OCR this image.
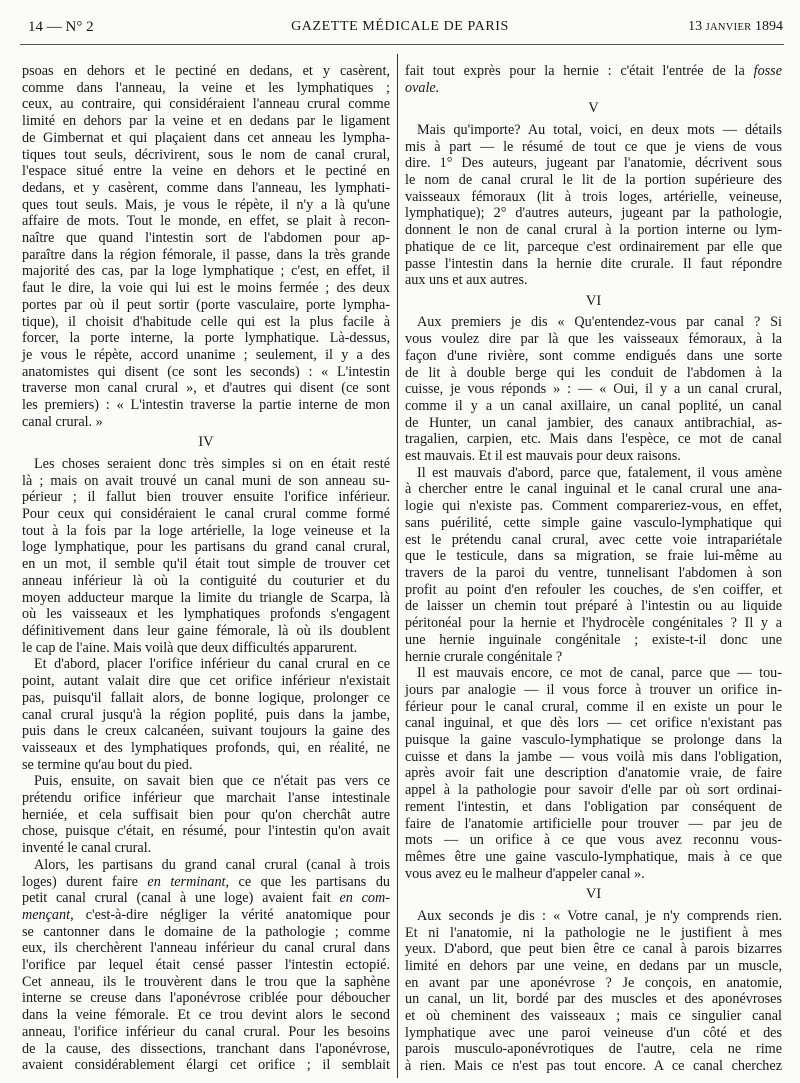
14 — N° 2	GAZETTE MÉDICALE DE PARIS	13 JANVIER 1894
psoas en dehors et le pectiné en dedans, et y casèrent,
comme dans l'anneau, la veine et les lymphatiques ;
ceux, au contraire, qui considéraient l'anneau crural comme
limité en dehors par la veine et en dedans par le ligament
de Gimbernat et qui plaçaient dans cet anneau les lympha-
tiques tout seuls, décrivirent, sous le nom de canal crural,
l'espace situé entre la veine en dehors et le pectiné en
dedans, et y casèrent, comme dans l'anneau, les lymphati-
ques tout seuls. Mais, je vous le répète, il n'y a là qu'une
affaire de mots. Tout le monde, en effet, se plait à recon-
naître que quand l'intestin sort de l'abdomen pour ap-
paraître dans la région fémorale, il passe, dans la très grande
majorité des cas, par la loge lymphatique ; c'est, en effet, il
faut le dire, la voie qui lui est le moins fermée ; des deux
portes par où il peut sortir (porte vasculaire, porte lympha-
tique), il choisit d'habitude celle qui est la plus facile à
forcer, la porte interne, la porte lymphatique. Là-dessus,
je vous le répète, accord unanime ; seulement, il y a des
anatomistes qui disent (ce sont les seconds) : « L'intestin
traverse mon canal crural », et d'autres qui disent (ce sont
les premiers) : « L'intestin traverse la partie interne de mon
canal crural. »
IV
Les choses seraient donc très simples si on en était resté
là ; mais on avait trouvé un canal muni de son anneau su-
périeur ; il fallut bien trouver ensuite l'orifice inférieur.
Pour ceux qui considéraient le canal crural comme formé
tout à la fois par la loge artérielle, la loge veineuse et la
loge lymphatique, pour les partisans du grand canal crural,
en un mot, il semble qu'il était tout simple de trouver cet
anneau inférieur là où la contiguité du couturier et du
moyen adducteur marque la limite du triangle de Scarpa, là
où les vaisseaux et les lymphatiques profonds s'engagent
définitivement dans leur gaine fémorale, là où ils doublent
le cap de l'aine. Mais voilà que deux difficultés apparurent.
Et d'abord, placer l'orifice inférieur du canal crural en ce
point, autant valait dire que cet orifice inférieur n'existait
pas, puisqu'il fallait alors, de bonne logique, prolonger ce
canal crural jusqu'à la région poplité, puis dans la jambe,
puis dans le creux calcanéen, suivant toujours la gaine des
vaisseaux et des lymphatiques profonds, qui, en réalité, ne
se termine qu'au bout du pied.
Puis, ensuite, on savait bien que ce n'était pas vers ce
prétendu orifice inférieur que marchait l'anse intestinale
herniée, et cela suffisait bien pour qu'on cherchât autre
chose, puisque c'était, en résumé, pour l'intestin qu'on avait
inventé le canal crural.
Alors, les partisans du grand canal crural (canal à trois
loges) durent faire en terminant, ce que les partisans du
petit canal crural (canal à une loge) avaient fait en com-
mençant, c'est-à-dire négliger la vérité anatomique pour
se cantonner dans le domaine de la pathologie ; comme
eux, ils cherchèrent l'anneau inférieur du canal crural dans
l'orifice par lequel était censé passer l'intestin ectopié.
Cet anneau, ils le trouvèrent dans le trou que la saphène
interne se creuse dans l'aponévrose criblée pour déboucher
dans la veine fémorale. Et ce trou devint alors le second
anneau, l'orifice inférieur du canal crural. Pour les besoins
de la cause, des dissections, tranchant dans l'aponévrose,
avaient considérablement élargi cet orifice ; il semblait
fait tout exprès pour la hernie : c'était l'entrée de la fosse
ovale.
V
Mais qu'importe? Au total, voici, en deux mots — détails
mis à part — le résumé de tout ce que je viens de vous
dire. 1° Des auteurs, jugeant par l'anatomie, décrivent sous
le nom de canal crural le lit de la portion supérieure des
vaisseaux fémoraux (lit à trois loges, artérielle, veineuse,
lymphatique); 2° d'autres auteurs, jugeant par la pathologie,
donnent le non de canal crural à la portion interne ou lym-
phatique de ce lit, parceque c'est ordinairement par elle que
passe l'intestin dans la hernie dite crurale. Il faut répondre
aux uns et aux autres.
VI
Aux premiers je dis « Qu'entendez-vous par canal ? Si
vous voulez dire par là que les vaisseaux fémoraux, à la
façon d'une rivière, sont comme endigués dans une sorte
de lit à double berge qui les conduit de l'abdomen à la
cuisse, je vous réponds » : — « Oui, il y a un canal crural,
comme il y a un canal axillaire, un canal poplité, un canal
de Hunter, un canal jambier, des canaux antibrachial, as-
tragalien, carpien, etc. Mais dans l'espèce, ce mot de canal
est mauvais. Et il est mauvais pour deux raisons.
Il est mauvais d'abord, parce que, fatalement, il vous amène
à chercher entre le canal inguinal et le canal crural une ana-
logie qui n'existe pas. Comment compareriez-vous, en effet,
sans puérilité, cette simple gaine vasculo-lymphatique qui
est le prétendu canal crural, avec cette voie intrapariétale
que le testicule, dans sa migration, se fraie lui-même au
travers de la paroi du ventre, tunnelisant l'abdomen à son
profit au point d'en refouler les couches, de s'en coiffer, et
de laisser un chemin tout préparé à l'intestin ou au liquide
péritonéal pour la hernie et l'hydrocèle congénitales ? Il y a
une hernie inguinale congénitale ; existe-t-il donc une
hernie crurale congénitale ?
Il est mauvais encore, ce mot de canal, parce que — tou-
jours par analogie — il vous force à trouver un orifice in-
férieur pour le canal crural, comme il en existe un pour le
canal inguinal, et que dès lors — cet orifice n'existant pas
puisque la gaine vasculo-lymphatique se prolonge dans la
cuisse et dans la jambe — vous voilà mis dans l'obligation,
après avoir fait une description d'anatomie vraie, de faire
appel à la pathologie pour savoir d'elle par où sort ordinai-
rement l'intestin, et dans l'obligation par conséquent de
faire de l'anatomie artificielle pour trouver — par jeu de
mots — un orifice à ce que vous avez reconnu vous-
mêmes être une gaine vasculo-lymphatique, mais à ce que
vous avez eu le malheur d'appeler canal ».
VI
Aux seconds je dis : « Votre canal, je n'y comprends rien.
Et ni l'anatomie, ni la pathologie ne le justifient à mes
yeux. D'abord, que peut bien être ce canal à parois bizarres
limité en dehors par une veine, en dedans par un muscle,
en avant par une aponévrose ? Je conçois, en anatomie,
un canal, un lit, bordé par des muscles et des aponévroses
et où cheminent des vaisseaux ; mais ce singulier canal
lymphatique avec une paroi veineuse d'un côté et des
parois musculo-aponévrotiques de l'autre, cela ne rime
à rien. Mais ce n'est pas tout encore. A ce canal cherchez
